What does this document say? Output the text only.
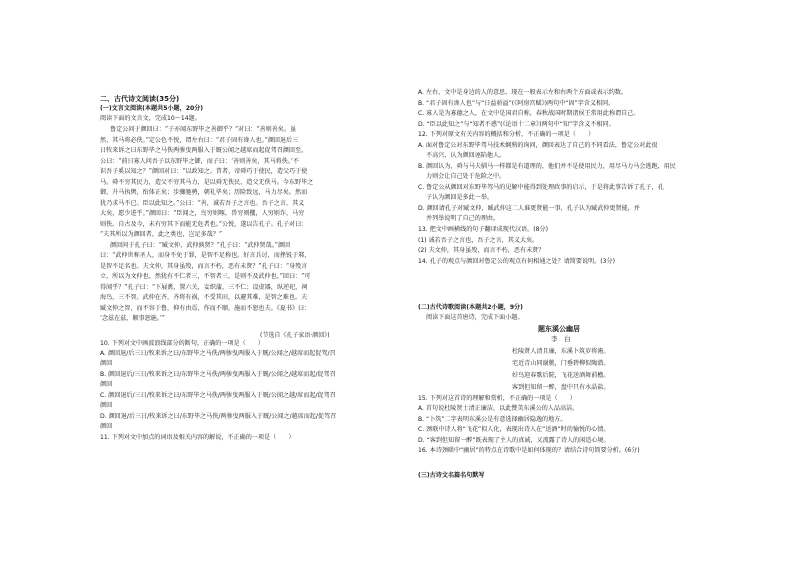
二、古代诗文阅读(35分)
(一)文言文阅读(本题共5小题，20分)
阅读下面的文言文，完成10～14题。
鲁定公问于颜回曰：“子亦闻东野毕之善御乎？”对曰：“善则善矣。虽
然，其马将必佚。”定公色不悦，谓左右曰：“君子固有谗人也。”颜回退后三
日牧来诉之曰东野毕之马佚两骖曳两服入于厩公闻之越席而起促驾召颜回至，
公曰：“前日寡人问吾子以东野毕之御，而子曰：‘善则善矣，其马将佚。’不
识吾子奚以知之？”颜回对曰：“以政知之。昔者，帝舜巧于使民，造父巧于使
马。舜不穷其民力，造父不穷其马力，是以舜无佚民，造父无佚马。今东野毕之
御，升马执辔，衔体正矣；步骤驰骋，朝礼毕矣；历险致远，马力尽矣。然而
犹乃求马不已。臣以此知之。”公曰：“善，诚若吾子之言也。吾子之言，其义
大矣，愿少进乎。”颜回曰：“臣闻之，鸟穷则啄，兽穷则攫，人穷则诈，马穷
则佚。自古及今，未有穷其下而能无危者也。”公悦，遂以告孔子。孔子对曰：
“夫其所以为颜回者，此之类也，岂足多哉？”
颜回问于孔子曰：“臧文仲、武仲孰贤？”孔子曰：“武仲贤哉。”颜回
曰：“武仲世称圣人，而身不免于罪，是智不足称也。好言兵讨，而挫锐于邾，
是智不足名也。夫文仲，其身虽殁，而言不朽，恶有未贤？”孔子曰：“身殁言
立，所以为文仲也。然犹有不仁者三，不智者三，是则不及武仲也。”回曰：“可
得闻乎？”孔子曰：“下展禽，置六关，妾织蒲，三不仁；设虚器，纵逆祀，祠
海鸟，三不智。武仲在齐，齐将有祸，不受其田，以避其难，是智之难也。夫
臧文仲之智，而不容于鲁，抑有由焉，作而不顺，施而不恕也夫。《夏书》曰：
‘念兹在兹，顺事恕施。’”
(节选自《孔子家语·颜回》)
10. 下列对文中画波浪线部分的断句，正确的一项是（　　）
A. 颜回退/后三日/牧来诉之曰/东野毕之马佚/两骖曳两服入于厩/公闻之/越席而起促驾/召
颜回
B. 颜回退后/三日/牧来诉之曰/东野毕之马佚/两骖曳两服入于厩/公闻之/越席而起/促驾召
颜回
C. 颜回退后/三日/牧来诉之曰/东野毕之马佚/两骖曳两服入于厩/公闻之越/席而起/促驾召
颜回
D. 颜回退/后三日/牧来诉之曰/东野毕之马佚/两骖曳两服入于厩/公闻之/越席而起/促驾召
颜回
11. 下列对文中加点的词语及相关内容的解说，不正确的一项是（　　）
A. 左右，文中是身边的人的意思，现在一般表示左和右两个方面或表示约数。
B. “君子固有谗人也”与“日益骄溢”(《阿房宫赋》)两句中“固”字含义相同。
C. 寡人是为寡德之人，在文中是国君自称，春秋战国时期诸侯王常用此称谓自己。
D. “臣以此知之”与“知者不惑”(《论语十二章》)两句中“知”字含义不相同。
12. 下列对原文有关内容的概括和分析，不正确的一项是（　　）
A. 面对鲁定公对东野毕驾马技术娴熟的询问，颜回表达了自己的不同看法，鲁定公对此很
不高兴，认为颜回诬陷他人。
B. 颜回认为，舜与马夫驯马一样都是有道理的，他们并不是使用民力，用尽马力马会逃跑，用民
力则会让自己处于危险之中。
C. 鲁定公从颜回对东野毕驾马的见解中能得到处理政事的启示，于是将此事告诉了孔子，孔
子认为颜回是多此一举。
D. 颜回请孔子对臧文仲、臧武仲这二人谁更贤能一事，孔子认为臧武仲更贤能，并
并列举说明了自己的理由。
13. 把文中画横线的句子翻译成现代汉语。(8分)
(1) 诚若吾子之言也，吾子之言，其义大矣。
(2) 夫文仲，其身虽殁，而言不朽，恶有未贤？
14. 孔子的观点与颜回对鲁定公的观点有何相通之处？请简要说明。(3分)
(二)古代诗歌阅读(本题共2小题，9分)
阅读下面这首唐诗，完成下面小题。
题东溪公幽居
李　白
杜陵贤人清且廉，东溪卜筑岁将淹。
宅近青山同谢朓，门垂碧柳似陶潜。
好鸟迎春歌后院，飞花送酒舞前檐。
客到但知留一醉，盘中只有水晶盐。
15. 下列对这首诗的理解和赏析，不正确的一项是（　　）
A. 首句说杜陵贤士清正廉洁，以此赞美东溪公的人品高洁。
B. “卜筑”二字表明东溪公是有意选择幽居隐逸的地方。
C. 颈联中诗人将“飞花”拟人化，表现出诗人在“送酒”时的愉悦的心情。
D. “客到但知留一醉”既表现了主人的真诚，又流露了诗人的闲适心境。
16. 本诗颈联中“幽居”的特点在诗歌中是如何体现的？请结合诗句简要分析。(6分)
(三)古诗文名篇名句默写
